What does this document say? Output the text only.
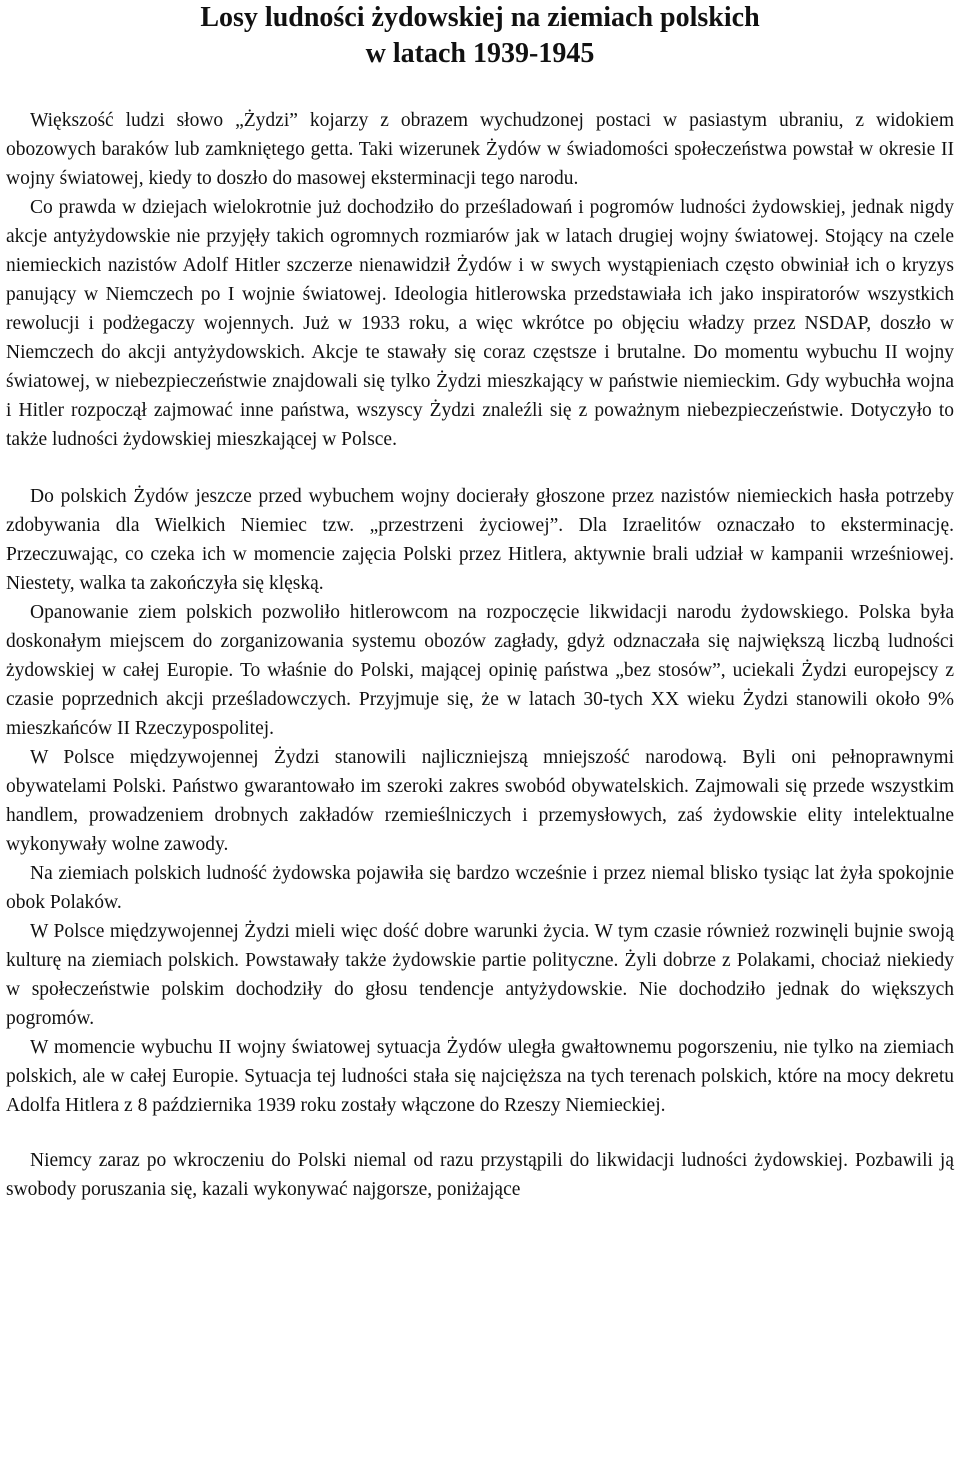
Losy ludności żydowskiej na ziemiach polskich
w latach 1939-1945

Większość ludzi słowo „Żydzi” kojarzy z obrazem wychudzonej postaci w pasiastym ubraniu, z widokiem obozowych baraków lub zamkniętego getta. Taki wizerunek Żydów w świadomości społeczeństwa powstał w okresie II wojny światowej, kiedy to doszło do masowej eksterminacji tego narodu.

Co prawda w dziejach wielokrotnie już dochodziło do prześladowań i pogromów ludności żydowskiej, jednak nigdy akcje antyżydowskie nie przyjęły takich ogromnych rozmiarów jak w latach drugiej wojny światowej. Stojący na czele niemieckich nazistów Adolf Hitler szczerze nienawidził Żydów i w swych wystąpieniach często obwiniał ich o kryzys panujący w Niemczech po I wojnie światowej. Ideologia hitlerowska przedstawiała ich jako inspiratorów wszystkich rewolucji i podżegaczy wojennych. Już w 1933 roku, a więc wkrótce po objęciu władzy przez NSDAP, doszło w Niemczech do akcji antyżydowskich. Akcje te stawały się coraz częstsze i brutalne. Do momentu wybuchu II wojny światowej, w niebezpieczeństwie znajdowali się tylko Żydzi mieszkający w państwie niemieckim. Gdy wybuchła wojna i Hitler rozpoczął zajmować inne państwa, wszyscy Żydzi znaleźli się z poważnym niebezpieczeństwie. Dotyczyło to także ludności żydowskiej mieszkającej w Polsce.

Do polskich Żydów jeszcze przed wybuchem wojny docierały głoszone przez nazistów niemieckich hasła potrzeby zdobywania dla Wielkich Niemiec tzw. „przestrzeni życiowej”. Dla Izraelitów oznaczało to eksterminację. Przeczuwając, co czeka ich w momencie zajęcia Polski przez Hitlera, aktywnie brali udział w kampanii wrześniowej. Niestety, walka ta zakończyła się klęską.

Opanowanie ziem polskich pozwoliło hitlerowcom na rozpoczęcie likwidacji narodu żydowskiego. Polska była doskonałym miejscem do zorganizowania systemu obozów zagłady, gdyż odznaczała się największą liczbą ludności żydowskiej w całej Europie. To właśnie do Polski, mającej opinię państwa „bez stosów”, uciekali Żydzi europejscy z czasie poprzednich akcji prześladowczych. Przyjmuje się, że w latach 30-tych XX wieku Żydzi stanowili około 9% mieszkańców II Rzeczypospolitej.

W Polsce międzywojennej Żydzi stanowili najliczniejszą mniejszość narodową. Byli oni pełnoprawnymi obywatelami Polski. Państwo gwarantowało im szeroki zakres swobód obywatelskich. Zajmowali się przede wszystkim handlem, prowadzeniem drobnych zakładów rzemieślniczych i przemysłowych, zaś żydowskie elity intelektualne wykonywały wolne zawody.

Na ziemiach polskich ludność żydowska pojawiła się bardzo wcześnie i przez niemal blisko tysiąc lat żyła spokojnie obok Polaków.

W Polsce międzywojennej Żydzi mieli więc dość dobre warunki życia. W tym czasie również rozwinęli bujnie swoją kulturę na ziemiach polskich. Powstawały także żydowskie partie polityczne. Żyli dobrze z Polakami, chociaż niekiedy w społeczeństwie polskim dochodziły do głosu tendencje antyżydowskie. Nie dochodziło jednak do większych pogromów.

W momencie wybuchu II wojny światowej sytuacja Żydów uległa gwałtownemu pogorszeniu, nie tylko na ziemiach polskich, ale w całej Europie. Sytuacja tej ludności stała się najcięższa na tych terenach polskich, które na mocy dekretu Adolfa Hitlera z 8 października 1939 roku zostały włączone do Rzeszy Niemieckiej.

Niemcy zaraz po wkroczeniu do Polski niemal od razu przystąpili do likwidacji ludności żydowskiej. Pozbawili ją swobody poruszania się, kazali wykonywać najgorsze, poniżające
